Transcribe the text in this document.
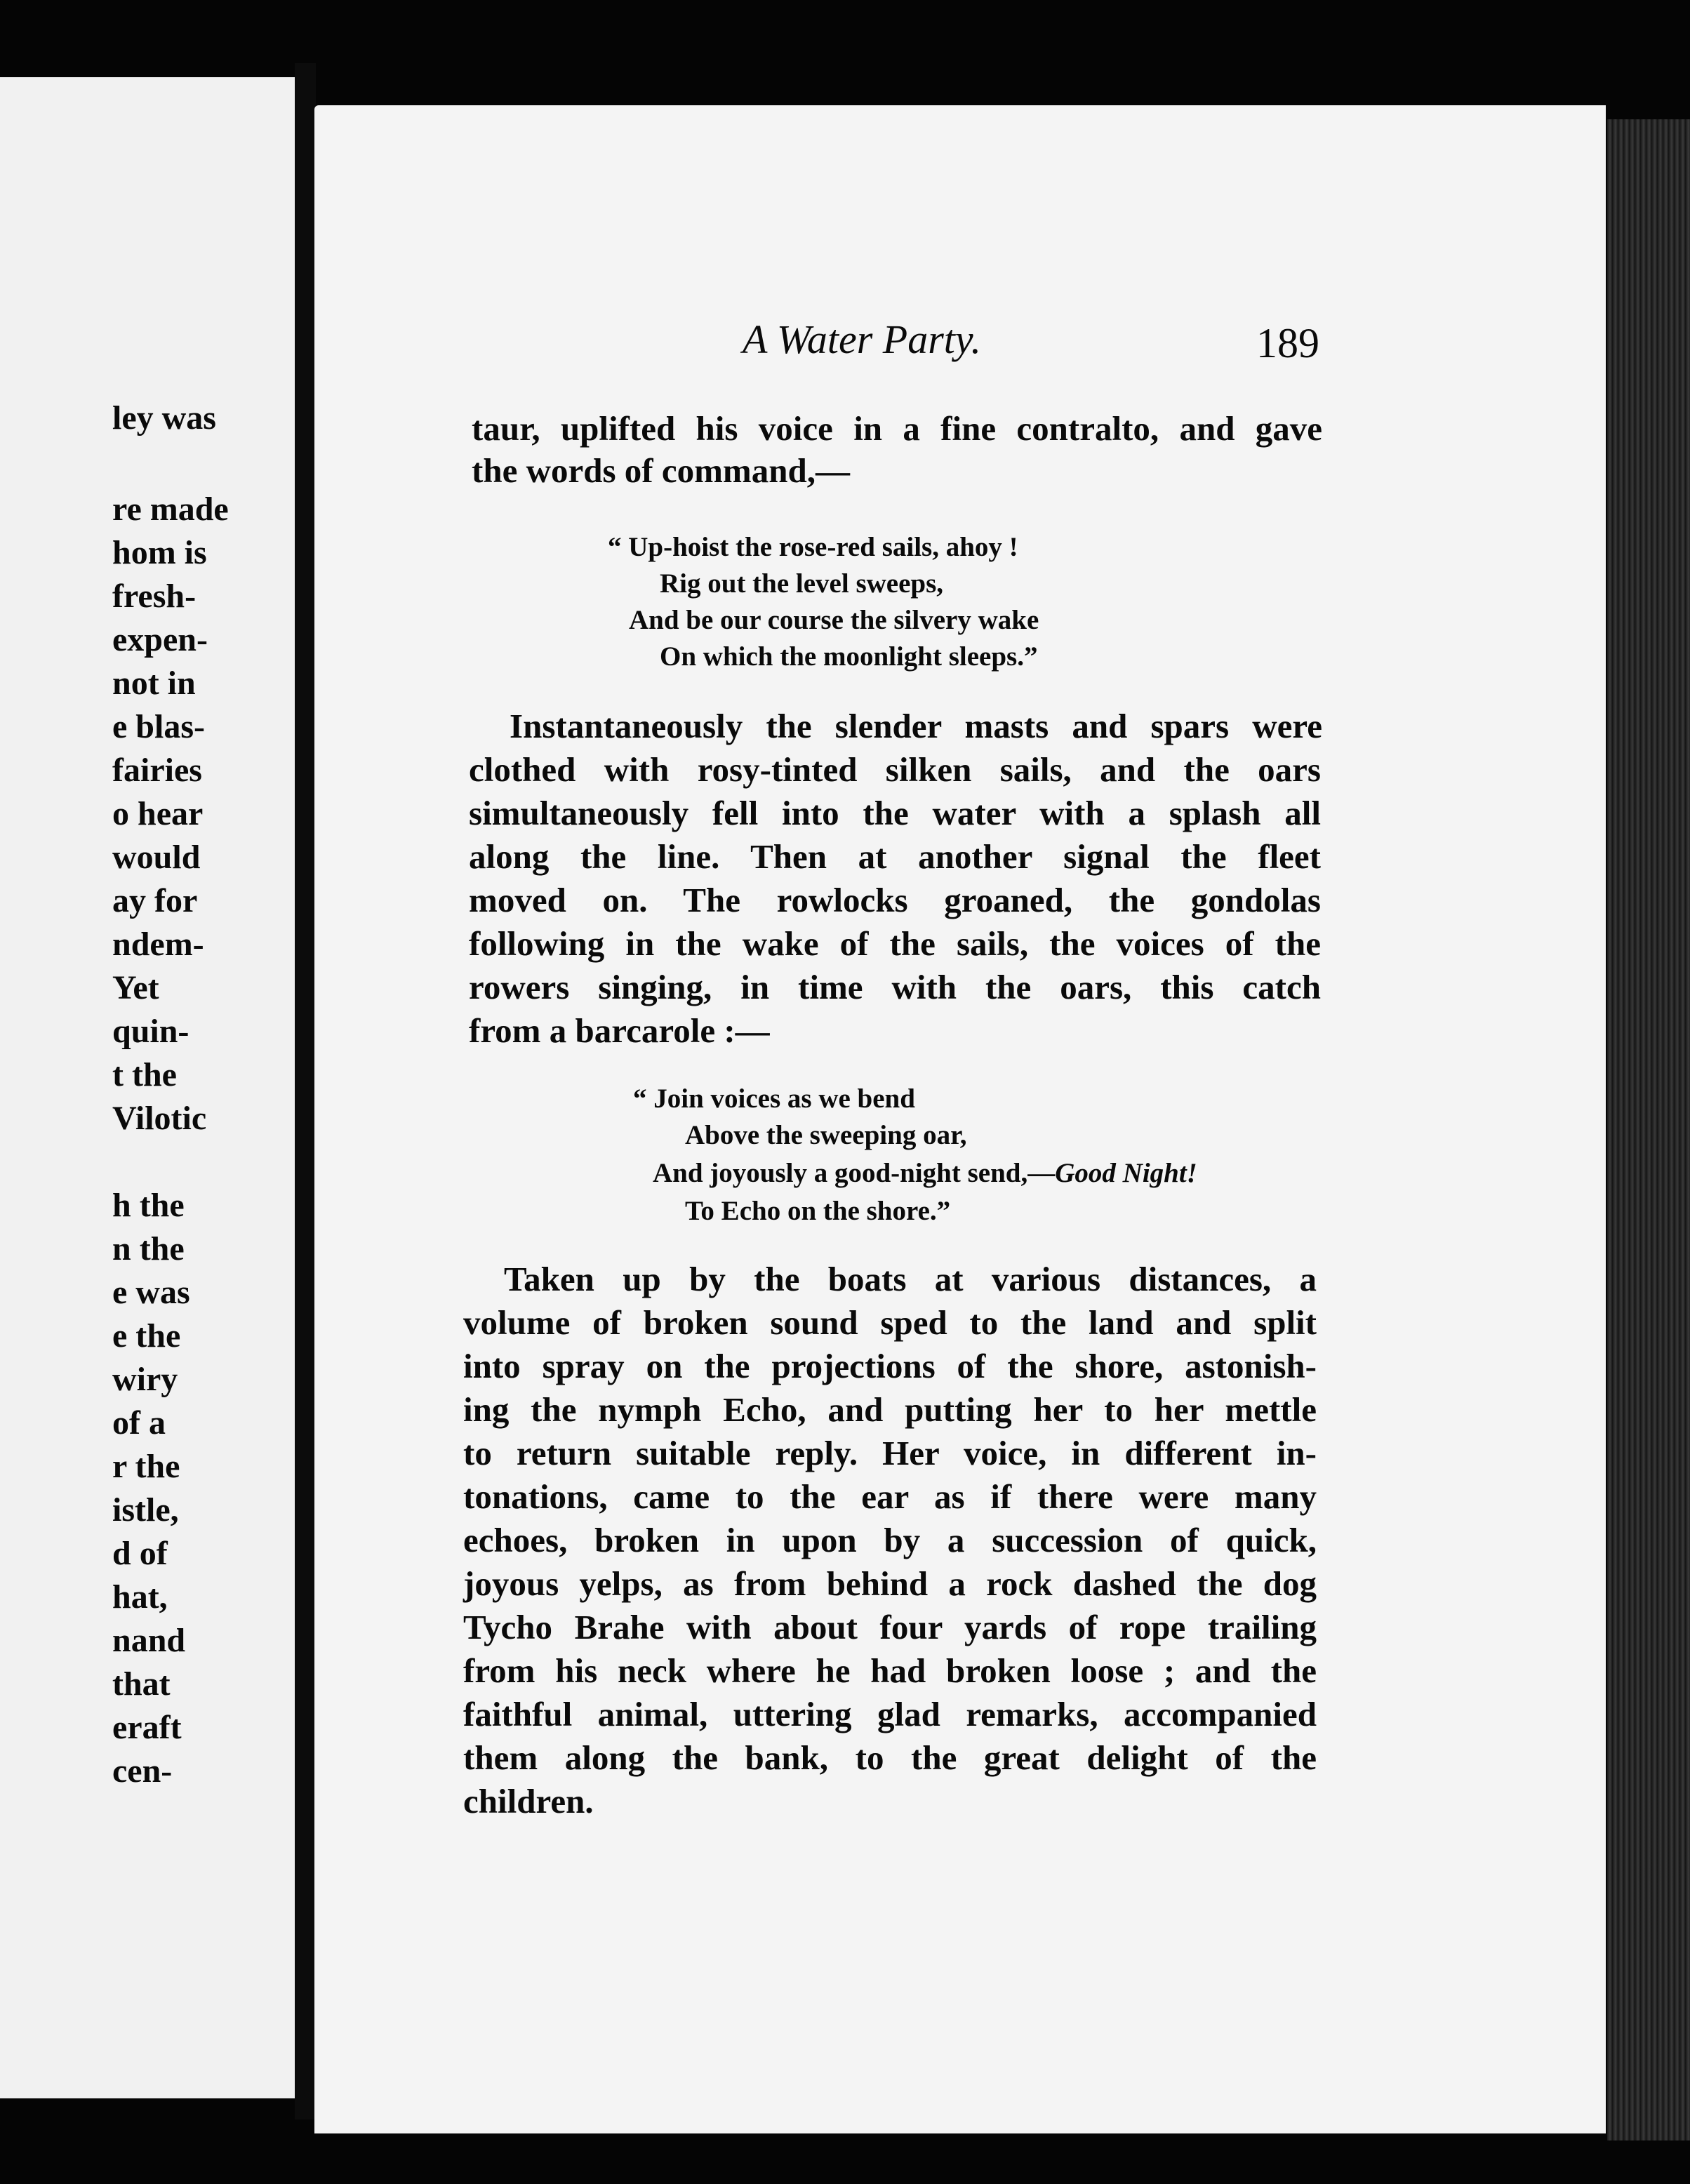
ley was
re made
hom is
fresh-
expen-
not in
e blas-
fairies
o hear
would
ay for
ndem-
Yet
quin-
t the
Vilotic
h the
n the
e was
e the
wiry
of a
r the
istle,
d of
hat,
nand
that
eraft
cen-
A Water Party.	189
taur, uplifted his voice in a fine contralto, and gave
the words of command,—
“ Up-hoist the rose-red sails, ahoy !
Rig out the level sweeps,
And be our course the silvery wake
On which the moonlight sleeps.”
Instantaneously the slender masts and spars were
clothed with rosy-tinted silken sails, and the oars
simultaneously fell into the water with a splash all
along the line. Then at another signal the fleet
moved on. The rowlocks groaned, the gondolas
following in the wake of the sails, the voices of the
rowers singing, in time with the oars, this catch
from a barcarole :—
“ Join voices as we bend
Above the sweeping oar,
And joyously a good-night send,—Good Night!
To Echo on the shore.”
Taken up by the boats at various distances, a
volume of broken sound sped to the land and split
into spray on the projections of the shore, astonish-
ing the nymph Echo, and putting her to her mettle
to return suitable reply. Her voice, in different in-
tonations, came to the ear as if there were many
echoes, broken in upon by a succession of quick,
joyous yelps, as from behind a rock dashed the dog
Tycho Brahe with about four yards of rope trailing
from his neck where he had broken loose ; and the
faithful animal, uttering glad remarks, accompanied
them along the bank, to the great delight of the
children.
